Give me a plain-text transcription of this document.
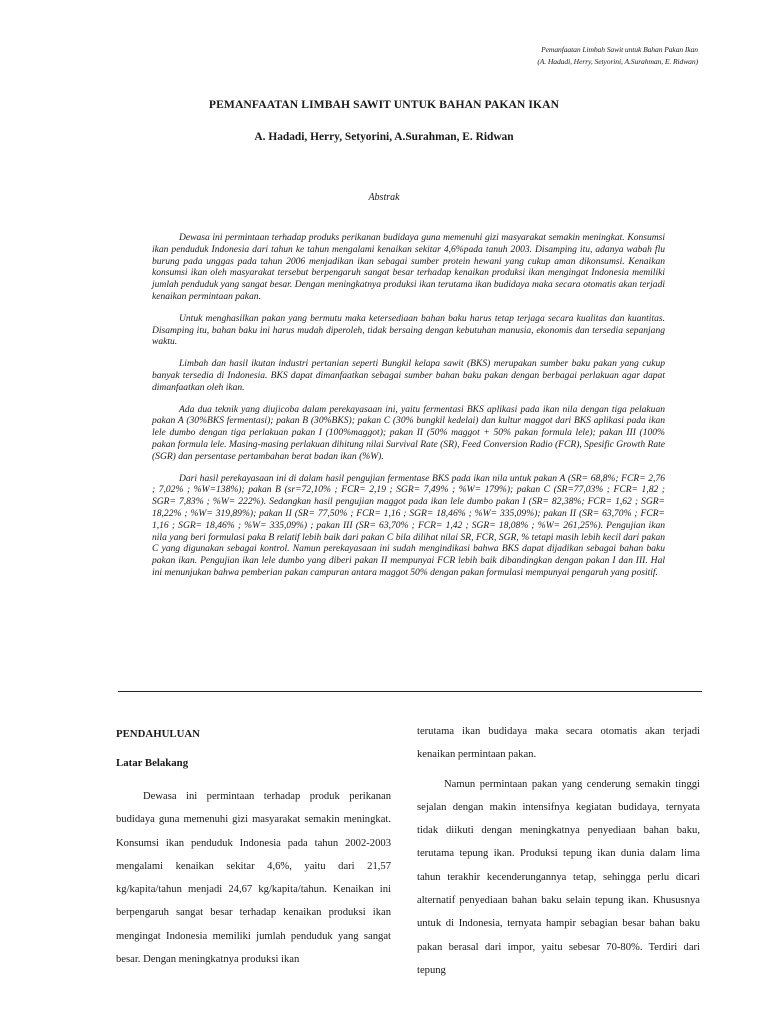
Pemanfaatan Limbah Sawit untuk Bahan Pakan Ikan
(A. Hadadi, Herry, Setyorini, A.Surahman, E. Ridwan)
PEMANFAATAN LIMBAH SAWIT UNTUK BAHAN PAKAN IKAN
A. Hadadi, Herry, Setyorini, A.Surahman, E. Ridwan
Abstrak

Dewasa ini permintaan terhadap produks perikanan budidaya guna memenuhi gizi masyarakat semakin meningkat. Konsumsi ikan penduduk Indonesia dari tahun ke tahun mengalami kenaikan sekitar 4,6%pada tanuh 2003. Disamping itu, adanya wabah flu burung pada unggas pada tahun 2006 menjadikan ikan sebagai sumber protein hewani yang cukup aman dikonsumsi. Kenaikan konsumsi ikan oleh masyarakat tersebut berpengaruh sangat besar terhadap kenaikan produksi ikan mengingat Indonesia memiliki jumlah penduduk yang sangat besar. Dengan meningkatnya produksi ikan terutama ikan budidaya maka secara otomatis akan terjadi kenaikan permintaan pakan.

Untuk menghasilkan pakan yang bermutu maka ketersediaan bahan baku harus tetap terjaga secara kualitas dan kuantitas. Disamping itu, bahan baku ini harus mudah diperoleh, tidak bersaing dengan kebutuhan manusia, ekonomis dan tersedia sepanjang waktu.

Limbah dan hasil ikutan industri pertanian seperti Bungkil kelapa sawit (BKS) merupakan sumber baku pakan yang cukup banyak tersedia di Indonesia. BKS dapat dimanfaatkan sebagai sumber bahan baku pakan dengan berbagai perlakuan agar dapat dimanfaatkan oleh ikan.

Ada dua teknik yang diujicoba dalam perekayasaan ini, yaitu fermentasi BKS aplikasi pada ikan nila dengan tiga pelakuan pakan A (30%BKS fermentasi); pakan B (30%BKS); pakan C (30% bungkil kedelai) dan kultur maggot dari BKS aplikasi pada ikan lele dumbo dengan tiga perlakuan pakan I (100%maggot); pakan II (50% maggot + 50% pakan formula lele); pakan III (100% pakan formula lele. Masing-masing perlakuan dihitung nilai Survival Rate (SR), Feed Conversion Radio (FCR), Spesific Growth Rate (SGR) dan persentase pertambahan berat badan ikan (%W).

Dari hasil perekayasaan ini di dalam hasil pengujian fermentase BKS pada ikan nila untuk pakan A (SR= 68,8%; FCR= 2,76 ; 7,02% ; %W=138%); pakan B (sr=72,10% ; FCR= 2,19 ; SGR= 7,49% ; %W= 179%); pakan C (SR=77,03% ; FCR= 1,82 ; SGR= 7,83% ; %W= 222%). Sedangkan hasil pengujian maggot pada ikan lele dumbo pakan I (SR= 82,38%; FCR= 1,62 ; SGR= 18,22% ; %W= 319,89%); pakan II (SR= 77,50% ; FCR= 1,16 ; SGR= 18,46% ; %W= 335,09%); pakan II (SR= 63,70% ; FCR= 1,16 ; SGR= 18,46% ; %W= 335,09%) ; pakan III (SR= 63,70% ; FCR= 1,42 ; SGR= 18,08% ; %W= 261,25%). Pengujian ikan nila yang beri formulasi paka B relatif lebih baik dari pakan C bila dilihat nilai SR, FCR, SGR, % tetapi masih lebih kecil dari pakan C yang digunakan sebagai kontrol. Namun perekayasaan ini sudah mengindikasi bahwa BKS dapat dijadikan sebagai bahan baku pakan ikan. Pengujian ikan lele dumbo yang diberi pakan II mempunyai FCR lebih baik dibandingkan dengan pakan I dan III. Hal ini menunjukan bahwa pemberian pakan campuran antara maggot 50% dengan pakan formulasi mempunyai pengaruh yang positif.

PENDAHULUAN
Latar Belakang

Dewasa ini permintaan terhadap produk perikanan budidaya guna memenuhi gizi masyarakat semakin meningkat. Konsumsi ikan penduduk Indonesia pada tahun 2002-2003 mengalami kenaikan sekitar 4,6%, yaitu dari 21,57 kg/kapita/tahun menjadi 24,67 kg/kapita/tahun. Kenaikan ini berpengaruh sangat besar terhadap kenaikan produksi ikan mengingat Indonesia memiliki jumlah penduduk yang sangat besar. Dengan meningkatnya produksi ikan

terutama ikan budidaya maka secara otomatis akan terjadi kenaikan permintaan pakan.

Namun permintaan pakan yang cenderung semakin tinggi sejalan dengan makin intensifnya kegiatan budidaya, ternyata tidak diikuti dengan meningkatnya penyediaan bahan baku, terutama tepung ikan. Produksi tepung ikan dunia dalam lima tahun terakhir kecenderungannya tetap, sehingga perlu dicari alternatif penyediaan bahan baku selain tepung ikan. Khususnya untuk di Indonesia, ternyata hampir sebagian besar bahan baku pakan berasal dari impor, yaitu sebesar 70-80%. Terdiri dari tepung
